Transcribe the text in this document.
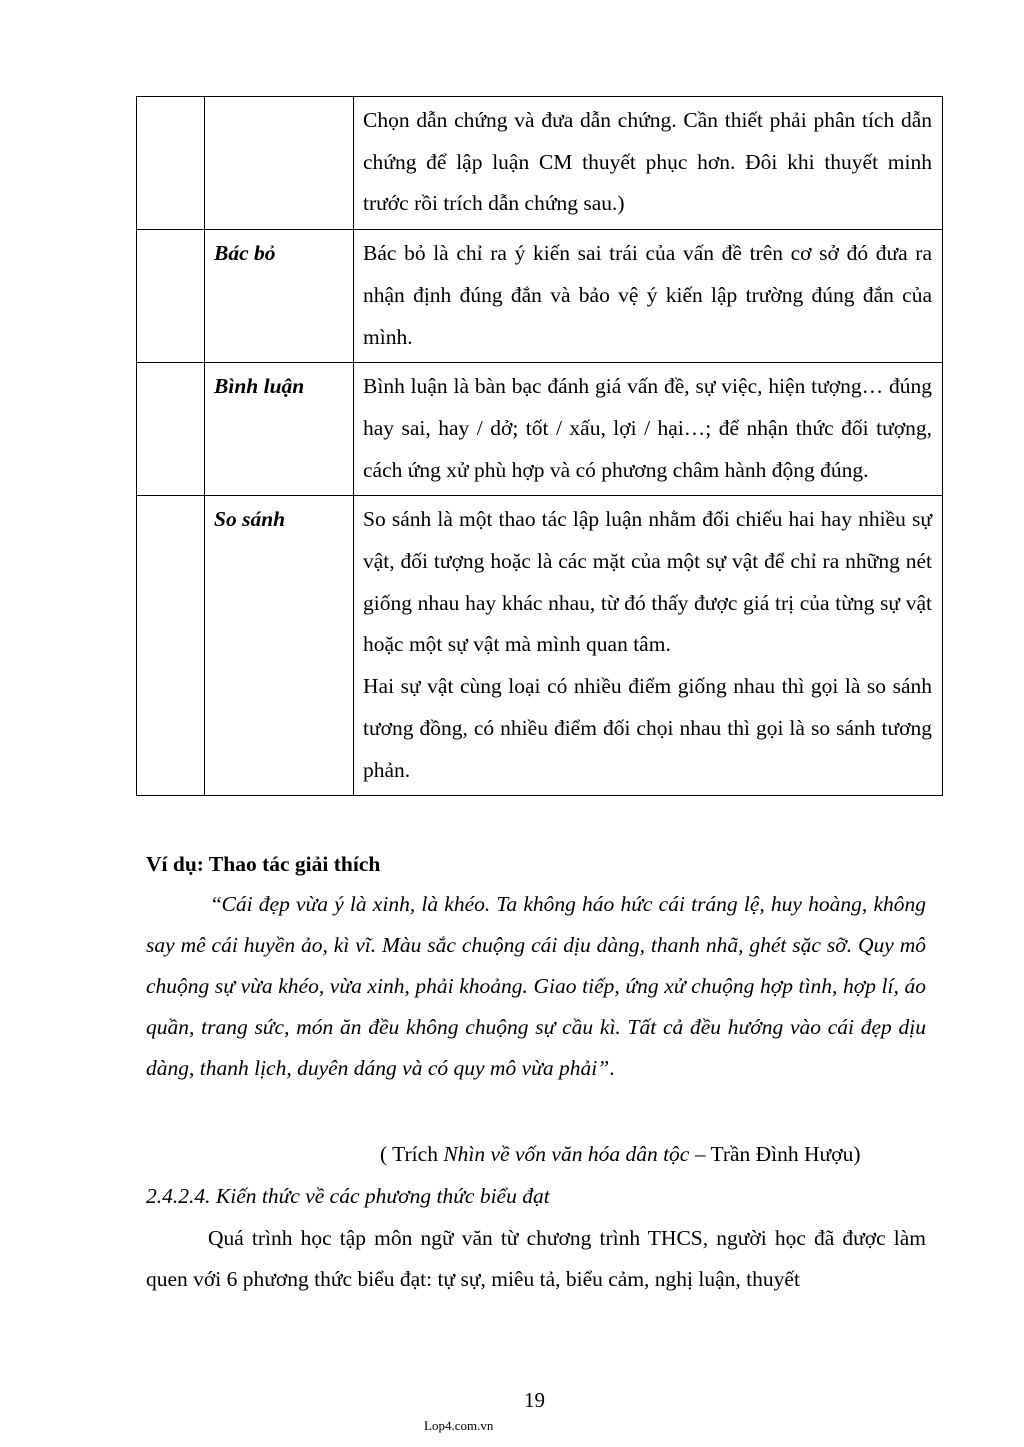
		Chọn dẫn chứng và đưa dẫn chứng. Cần thiết phải phân tích dẫn chứng để lập luận CM thuyết phục hơn. Đôi khi thuyết minh trước rồi trích dẫn chứng sau.)

	Bác bỏ	Bác bỏ là chỉ ra ý kiến sai trái của vấn đề trên cơ sở đó đưa ra nhận định đúng đắn và bảo vệ ý kiến lập trường đúng đắn của mình.

	Bình luận	Bình luận là bàn bạc đánh giá vấn đề, sự việc, hiện tượng… đúng hay sai, hay / dở; tốt / xấu, lợi / hại…; để nhận thức đối tượng, cách ứng xử phù hợp và có phương châm hành động đúng.

	So sánh	So sánh là một thao tác lập luận nhằm đối chiếu hai hay nhiều sự vật, đối tượng hoặc là các mặt của một sự vật để chỉ ra những nét giống nhau hay khác nhau, từ đó thấy được giá trị của từng sự vật hoặc một sự vật mà mình quan tâm.

Hai sự vật cùng loại có nhiều điểm giống nhau thì gọi là so sánh tương đồng, có nhiều điểm đối chọi nhau thì gọi là so sánh tương phản.

Ví dụ: Thao tác giải thích
“Cái đẹp vừa ý là xinh, là khéo. Ta không háo hức cái tráng lệ, huy hoàng, không say mê cái huyền ảo, kì vĩ. Màu sắc chuộng cái dịu dàng, thanh nhã, ghét sặc sỡ. Quy mô chuộng sự vừa khéo, vừa xinh, phải khoảng. Giao tiếp, ứng xử chuộng hợp tình, hợp lí, áo quần, trang sức, món ăn đều không chuộng sự cầu kì. Tất cả đều hướng vào cái đẹp dịu dàng, thanh lịch, duyên dáng và có quy mô vừa phải”.
( Trích Nhìn về vốn văn hóa dân tộc – Trần Đình Hượu)
2.4.2.4. Kiến thức về các phương thức biểu đạt
Quá trình học tập môn ngữ văn từ chương trình THCS, người học đã được làm quen với 6 phương thức biểu đạt: tự sự, miêu tả, biểu cảm, nghị luận, thuyết
19
Lop4.com.vn
